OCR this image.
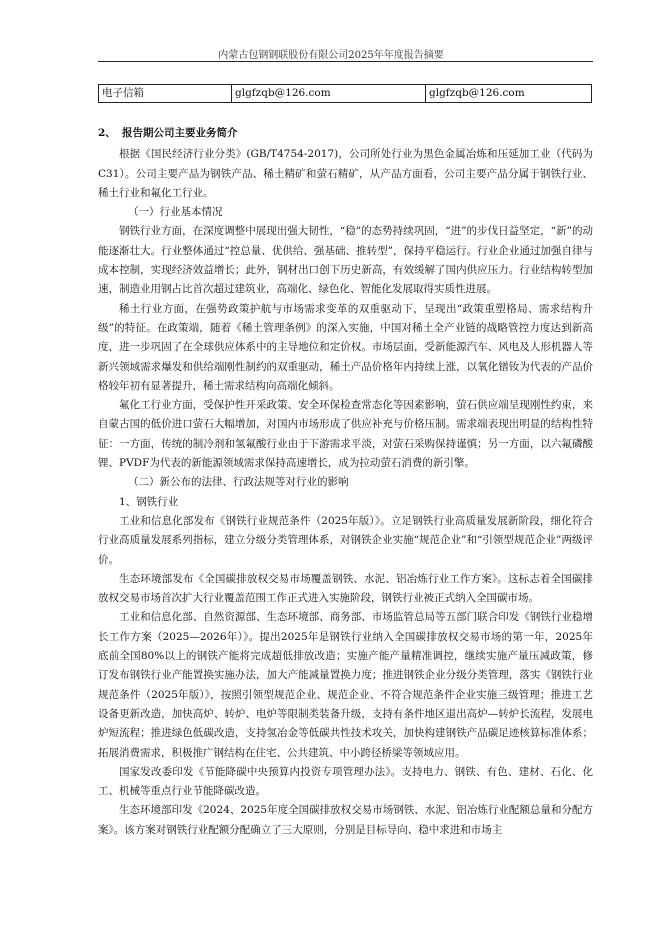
内蒙古包钢钢联股份有限公司2025年年度报告摘要
电子信箱	glgfzqb@126.com	glgfzqb@126.com

2、 报告期公司主要业务简介

根据《国民经济行业分类》(GB/T4754-2017)，公司所处行业为黑色金属冶炼和压延加工业（代码为C31）。公司主要产品为钢铁产品、稀土精矿和萤石精矿，从产品方面看，公司主要产品分属于钢铁行业、稀土行业和氟化工行业。

（一）行业基本情况

钢铁行业方面，在深度调整中展现出强大韧性，“稳”的态势持续巩固，“进”的步伐日益坚定，“新”的动能逐渐壮大。行业整体通过“控总量、优供给、强基础、推转型”，保持平稳运行。行业企业通过加强自律与成本控制，实现经济效益增长；此外，钢材出口创下历史新高，有效缓解了国内供应压力。行业结构转型加速，制造业用钢占比首次超过建筑业，高端化、绿色化、智能化发展取得实质性进展。

稀土行业方面，在强势政策护航与市场需求变革的双重驱动下，呈现出“政策重塑格局、需求结构升级”的特征。在政策端，随着《稀土管理条例》的深入实施，中国对稀土全产业链的战略管控力度达到新高度，进一步巩固了在全球供应体系中的主导地位和定价权。市场层面，受新能源汽车、风电及人形机器人等新兴领域需求爆发和供给端刚性制约的双重驱动，稀土产品价格年内持续上涨，以氧化镨钕为代表的产品价格较年初有显著提升，稀土需求结构向高端化倾斜。

氟化工行业方面，受保护性开采政策、安全环保检查常态化等因素影响，萤石供应端呈现刚性约束，来自蒙古国的低价进口萤石大幅增加，对国内市场形成了供应补充与价格压制。需求端表现出明显的结构性特征：一方面，传统的制冷剂和氢氟酸行业由于下游需求平淡，对萤石采购保持谨慎；另一方面，以六氟磷酸锂、PVDF为代表的新能源领域需求保持高速增长，成为拉动萤石消费的新引擎。

（二）新公布的法律、行政法规等对行业的影响

1、钢铁行业

工业和信息化部发布《钢铁行业规范条件（2025年版）》。立足钢铁行业高质量发展新阶段，细化符合行业高质量发展系列指标，建立分级分类管理体系，对钢铁企业实施“规范企业”和“引领型规范企业”两级评价。

生态环境部发布《全国碳排放权交易市场覆盖钢铁、水泥、铝冶炼行业工作方案》。这标志着全国碳排放权交易市场首次扩大行业覆盖范围工作正式进入实施阶段，钢铁行业被正式纳入全国碳市场。

工业和信息化部、自然资源部、生态环境部、商务部、市场监管总局等五部门联合印发《钢铁行业稳增长工作方案（2025—2026年）》。提出2025年是钢铁行业纳入全国碳排放权交易市场的第一年，2025年底前全国80%以上的钢铁产能将完成超低排放改造；实施产能产量精准调控，继续实施产量压减政策，修订发布钢铁行业产能置换实施办法，加大产能减量置换力度；推进钢铁企业分级分类管理，落实《钢铁行业规范条件（2025年版）》，按照引领型规范企业、规范企业、不符合规范条件企业实施三级管理；推进工艺设备更新改造，加快高炉、转炉、电炉等限制类装备升级，支持有条件地区退出高炉—转炉长流程，发展电炉短流程；推进绿色低碳改造，支持氢冶金等低碳共性技术攻关，加快构建钢铁产品碳足迹核算标准体系；拓展消费需求，积极推广钢结构在住宅、公共建筑、中小跨径桥梁等领域应用。

国家发改委印发《节能降碳中央预算内投资专项管理办法》。支持电力、钢铁、有色、建材、石化、化工、机械等重点行业节能降碳改造。

生态环境部印发《2024、2025年度全国碳排放权交易市场钢铁、水泥、铝冶炼行业配额总量和分配方案》。该方案对钢铁行业配额分配确立了三大原则，分别是目标导向、稳中求进和市场主
